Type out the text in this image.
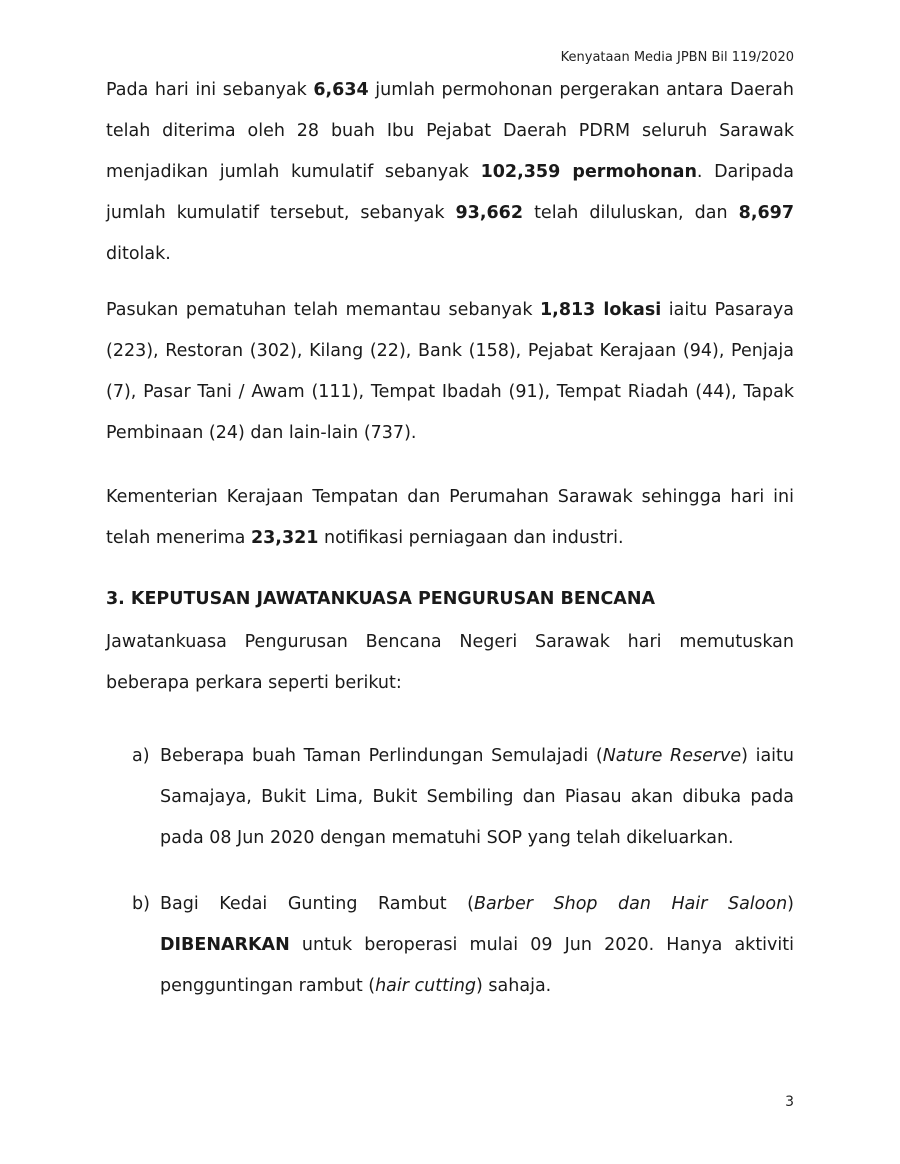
Kenyataan Media JPBN Bil 119/2020

Pada hari ini sebanyak 6,634 jumlah permohonan pergerakan antara Daerah telah diterima oleh 28 buah Ibu Pejabat Daerah PDRM seluruh Sarawak menjadikan jumlah kumulatif sebanyak 102,359 permohonan. Daripada jumlah kumulatif tersebut, sebanyak 93,662 telah diluluskan, dan 8,697 ditolak.

Pasukan pematuhan telah memantau sebanyak 1,813 lokasi iaitu Pasaraya (223), Restoran (302), Kilang (22), Bank (158), Pejabat Kerajaan (94), Penjaja (7), Pasar Tani / Awam (111), Tempat Ibadah (91), Tempat Riadah (44), Tapak Pembinaan (24) dan lain-lain (737).

Kementerian Kerajaan Tempatan dan Perumahan Sarawak sehingga hari ini telah menerima 23,321 notifikasi perniagaan dan industri.

3. KEPUTUSAN JAWATANKUASA PENGURUSAN BENCANA

Jawatankuasa Pengurusan Bencana Negeri Sarawak hari memutuskan beberapa perkara seperti berikut:

a) Beberapa buah Taman Perlindungan Semulajadi (Nature Reserve) iaitu Samajaya, Bukit Lima, Bukit Sembiling dan Piasau akan dibuka pada pada 08 Jun 2020 dengan mematuhi SOP yang telah dikeluarkan.
b) Bagi Kedai Gunting Rambut (Barber Shop dan Hair Saloon) DIBENARKAN untuk beroperasi mulai 09 Jun 2020. Hanya aktiviti pengguntingan rambut (hair cutting) sahaja.
3
